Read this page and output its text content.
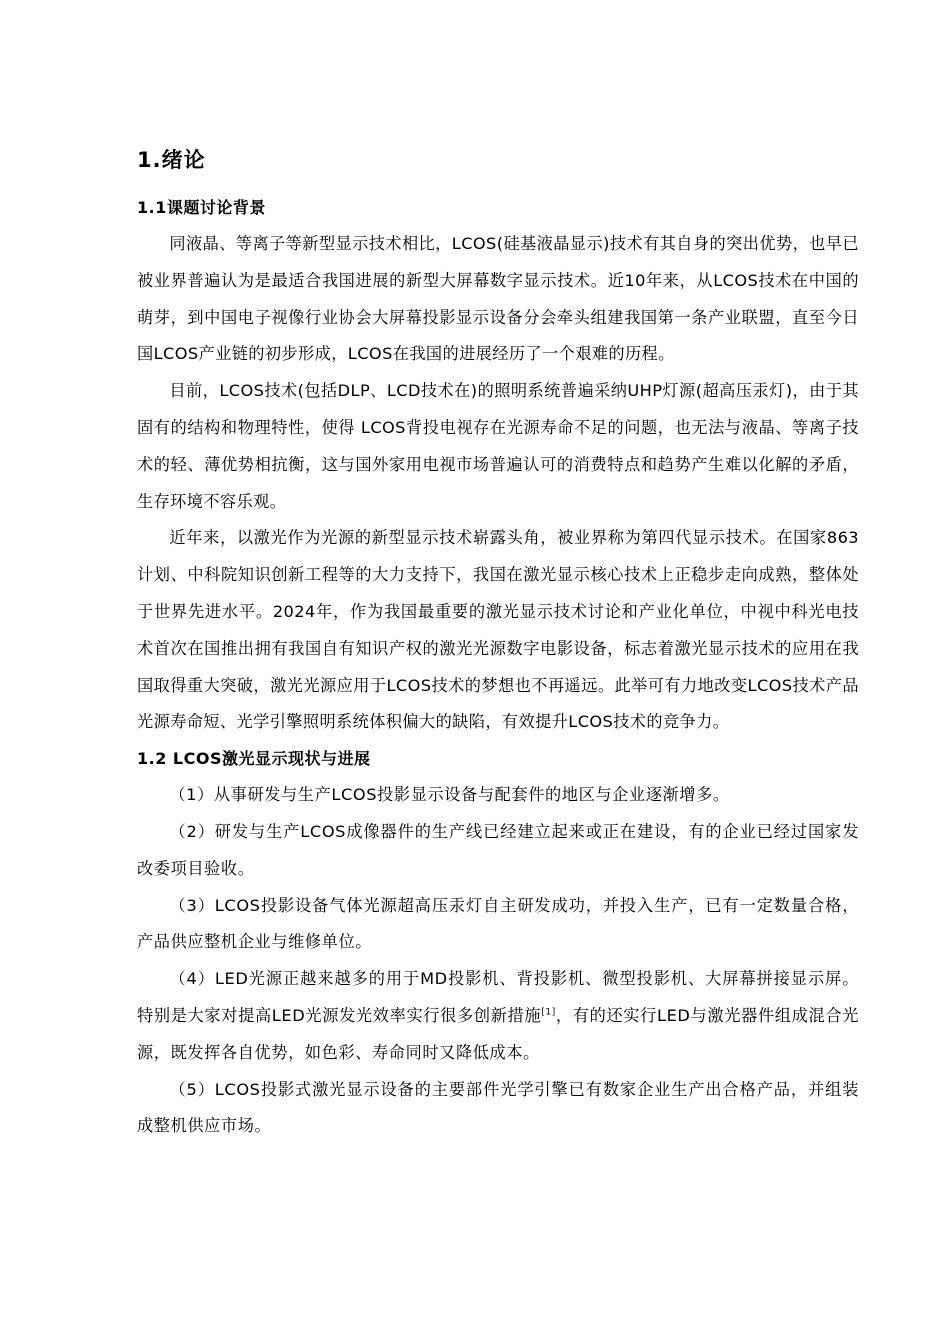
1.绪论
1.1课题讨论背景

同液晶、等离子等新型显示技术相比，LCOS(硅基液晶显示)技术有其自身的突出优势，也早已被业界普遍认为是最适合我国进展的新型大屏幕数字显示技术。近10年来，从LCOS技术在中国的萌芽，到中国电子视像行业协会大屏幕投影显示设备分会牵头组建我国第一条产业联盟，直至今日国LCOS产业链的初步形成，LCOS在我国的进展经历了一个艰难的历程。

目前，LCOS技术(包括DLP、LCD技术在)的照明系统普遍采纳UHP灯源(超高压汞灯)，由于其固有的结构和物理特性，使得 LCOS背投电视存在光源寿命不足的问题，也无法与液晶、等离子技术的轻、薄优势相抗衡，这与国外家用电视市场普遍认可的消费特点和趋势产生难以化解的矛盾，生存环境不容乐观。

近年来，以激光作为光源的新型显示技术崭露头角，被业界称为第四代显示技术。在国家863计划、中科院知识创新工程等的大力支持下，我国在激光显示核心技术上正稳步走向成熟，整体处于世界先进水平。2024年，作为我国最重要的激光显示技术讨论和产业化单位，中视中科光电技术首次在国推出拥有我国自有知识产权的激光光源数字电影设备，标志着激光显示技术的应用在我国取得重大突破，激光光源应用于LCOS技术的梦想也不再遥远。此举可有力地改变LCOS技术产品光源寿命短、光学引擎照明系统体积偏大的缺陷，有效提升LCOS技术的竞争力。

1.2 LCOS激光显示现状与进展

（1）从事研发与生产LCOS投影显示设备与配套件的地区与企业逐渐增多。

（2）研发与生产LCOS成像器件的生产线已经建立起来或正在建设，有的企业已经过国家发改委项目验收。

（3）LCOS投影设备气体光源超高压汞灯自主研发成功，并投入生产，已有一定数量合格，产品供应整机企业与维修单位。

（4）LED光源正越来越多的用于MD投影机、背投影机、微型投影机、大屏幕拼接显示屏。特别是大家对提高LED光源发光效率实行很多创新措施[1]，有的还实行LED与激光器件组成混合光源，既发挥各自优势，如色彩、寿命同时又降低成本。

（5）LCOS投影式激光显示设备的主要部件光学引擎已有数家企业生产出合格产品，并组装成整机供应市场。
